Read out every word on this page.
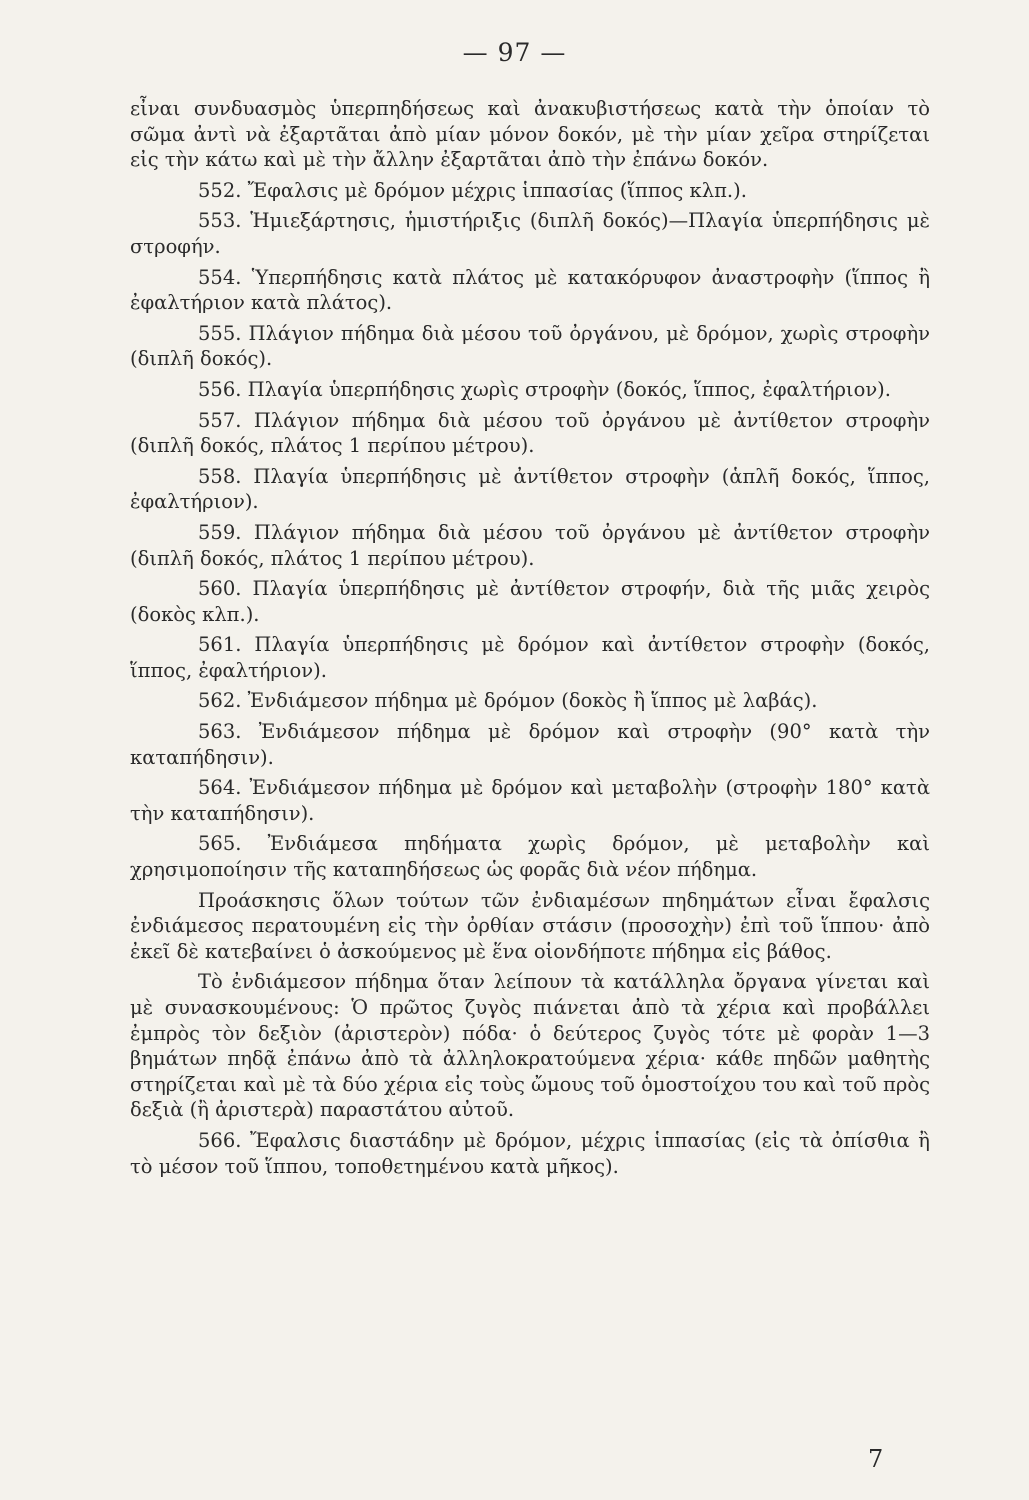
— 97 —

εἶναι συνδυασμὸς ὑπερπηδήσεως καὶ ἀνακυβιστήσεως κατὰ τὴν ὁποίαν τὸ σῶμα ἀντὶ νὰ ἐξαρτᾶται ἀπὸ μίαν μόνον δοκόν, μὲ τὴν μίαν χεῖρα στηρίζεται εἰς τὴν κάτω καὶ μὲ τὴν ἄλλην ἐξαρτᾶται ἀπὸ τὴν ἐπάνω δοκόν.

552. Ἔφαλσις μὲ δρόμον μέχρις ἱππασίας (ἵππος κλπ.).

553. Ἡμιεξάρτησις, ἡμιστήριξις (διπλῆ δοκός)—Πλαγία ὑπερπήδησις μὲ στροφήν.

554. Ὑπερπήδησις κατὰ πλάτος μὲ κατακόρυφον ἀναστροφὴν (ἵππος ἢ ἐφαλτήριον κατὰ πλάτος).

555. Πλάγιον πήδημα διὰ μέσου τοῦ ὀργάνου, μὲ δρόμον, χωρὶς στροφὴν (διπλῆ δοκός).

556. Πλαγία ὑπερπήδησις χωρὶς στροφὴν (δοκός, ἵππος, ἐφαλτήριον).

557. Πλάγιον πήδημα διὰ μέσου τοῦ ὀργάνου μὲ ἀντίθετον στροφὴν (διπλῆ δοκός, πλάτος 1 περίπου μέτρου).

558. Πλαγία ὑπερπήδησις μὲ ἀντίθετον στροφὴν (ἁπλῆ δοκός, ἵππος, ἐφαλτήριον).

559. Πλάγιον πήδημα διὰ μέσου τοῦ ὀργάνου μὲ ἀντίθετον στροφὴν (διπλῆ δοκός, πλάτος 1 περίπου μέτρου).

560. Πλαγία ὑπερπήδησις μὲ ἀντίθετον στροφήν, διὰ τῆς μιᾶς χειρὸς (δοκὸς κλπ.).

561. Πλαγία ὑπερπήδησις μὲ δρόμον καὶ ἀντίθετον στροφὴν (δοκός, ἵππος, ἐφαλτήριον).

562. Ἐνδιάμεσον πήδημα μὲ δρόμον (δοκὸς ἢ ἵππος μὲ λαβάς).

563. Ἐνδιάμεσον πήδημα μὲ δρόμον καὶ στροφὴν (90° κατὰ τὴν καταπήδησιν).

564. Ἐνδιάμεσον πήδημα μὲ δρόμον καὶ μεταβολὴν (στροφὴν 180° κατὰ τὴν καταπήδησιν).

565. Ἐνδιάμεσα πηδήματα χωρὶς δρόμον, μὲ μεταβολὴν καὶ χρησιμοποίησιν τῆς καταπηδήσεως ὡς φορᾶς διὰ νέον πήδημα.

Προάσκησις ὅλων τούτων τῶν ἐνδιαμέσων πηδημάτων εἶναι ἔφαλσις ἐνδιάμεσος περατουμένη εἰς τὴν ὀρθίαν στάσιν (προσοχὴν) ἐπὶ τοῦ ἵππου· ἀπὸ ἐκεῖ δὲ κατεβαίνει ὁ ἀσκούμενος μὲ ἕνα οἱονδήποτε πήδημα εἰς βάθος.

Τὸ ἐνδιάμεσον πήδημα ὅταν λείπουν τὰ κατάλληλα ὄργανα γίνεται καὶ μὲ συνασκουμένους: Ὁ πρῶτος ζυγὸς πιάνεται ἀπὸ τὰ χέρια καὶ προβάλλει ἐμπρὸς τὸν δεξιὸν (ἀριστερὸν) πόδα· ὁ δεύτερος ζυγὸς τότε μὲ φορὰν 1—3 βημάτων πηδᾷ ἐπάνω ἀπὸ τὰ ἀλληλοκρατούμενα χέρια· κάθε πηδῶν μαθητὴς στηρίζεται καὶ μὲ τὰ δύο χέρια εἰς τοὺς ὤμους τοῦ ὁμοστοίχου του καὶ τοῦ πρὸς δεξιὰ (ἢ ἀριστερὰ) παραστάτου αὐτοῦ.

566. Ἔφαλσις διαστάδην μὲ δρόμον, μέχρις ἱππασίας (εἰς τὰ ὀπίσθια ἢ τὸ μέσον τοῦ ἵππου, τοποθετημένου κατὰ μῆκος).

7
